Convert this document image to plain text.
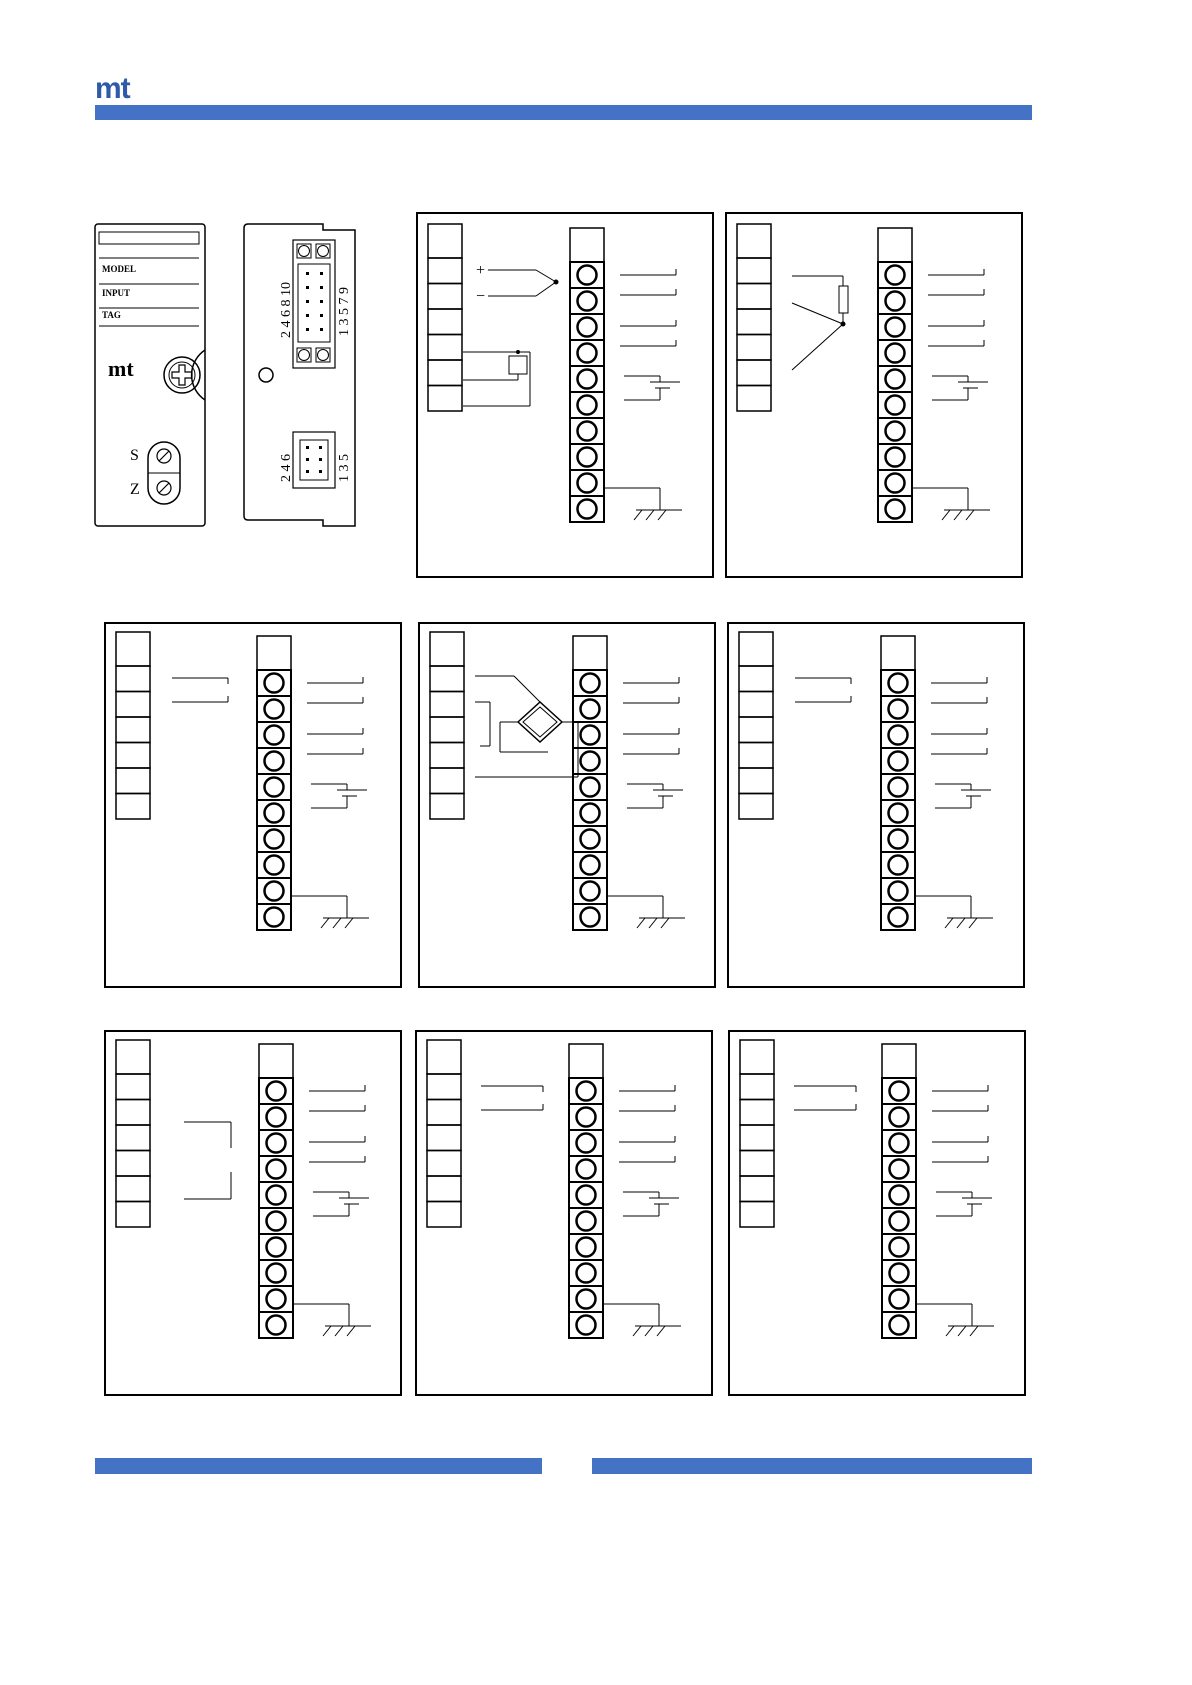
mt
MODEL
INPUT
TAG
mt
S
Z
2 4 6 8 10	1 3 5 7 9
2 4 6	1 3 5
+
−
